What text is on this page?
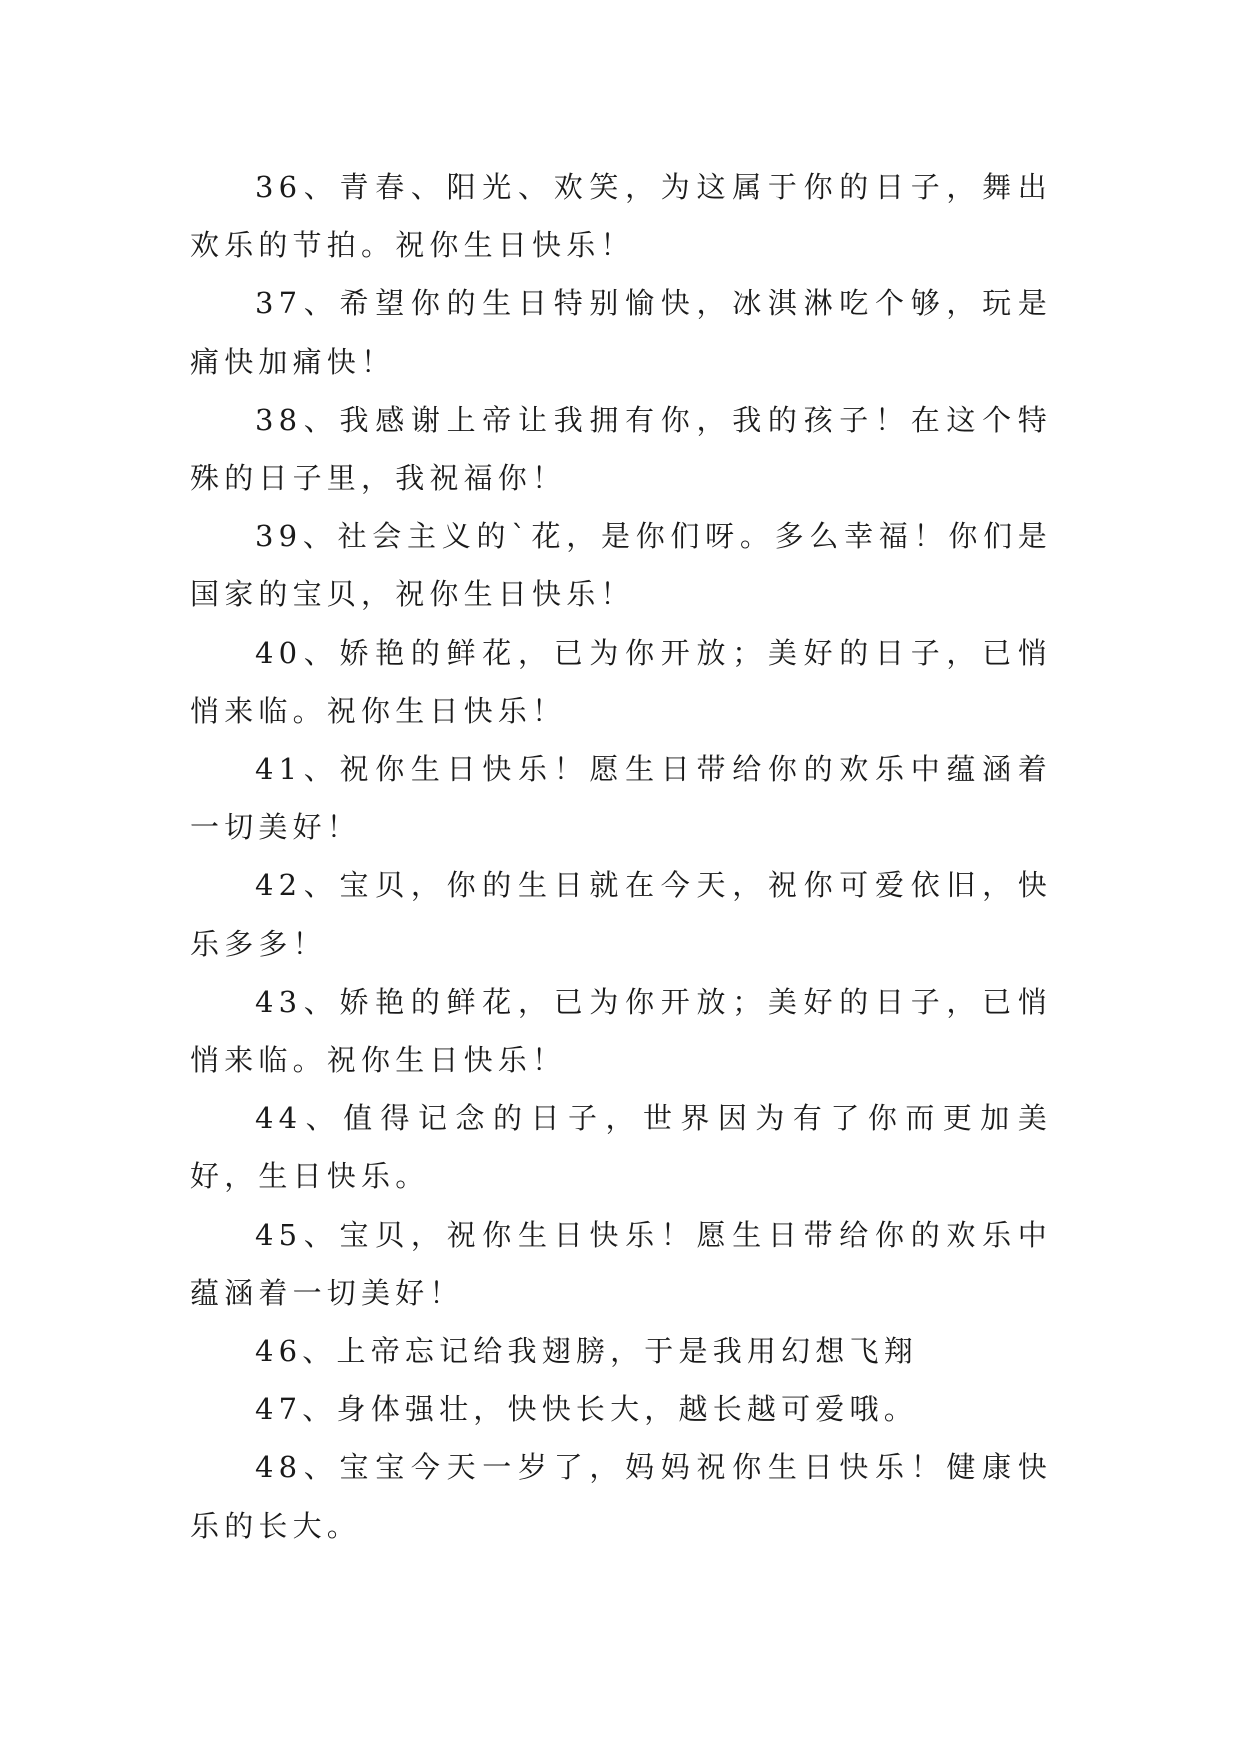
36、青春、阳光、欢笑，为这属于你的日子，舞出欢乐的节拍。祝你生日快乐！

37、希望你的生日特别愉快，冰淇淋吃个够，玩是痛快加痛快！

38、我感谢上帝让我拥有你，我的孩子！在这个特殊的日子里，我祝福你！

39、社会主义的`花，是你们呀。多么幸福！你们是国家的宝贝，祝你生日快乐！

40、娇艳的鲜花，已为你开放；美好的日子，已悄悄来临。祝你生日快乐！

41、祝你生日快乐！愿生日带给你的欢乐中蕴涵着一切美好！

42、宝贝，你的生日就在今天，祝你可爱依旧，快乐多多！

43、娇艳的鲜花，已为你开放；美好的日子，已悄悄来临。祝你生日快乐！

44、值得记念的日子，世界因为有了你而更加美好，生日快乐。

45、宝贝，祝你生日快乐！愿生日带给你的欢乐中蕴涵着一切美好！

46、上帝忘记给我翅膀，于是我用幻想飞翔

47、身体强壮，快快长大，越长越可爱哦。

48、宝宝今天一岁了，妈妈祝你生日快乐！健康快乐的长大。
